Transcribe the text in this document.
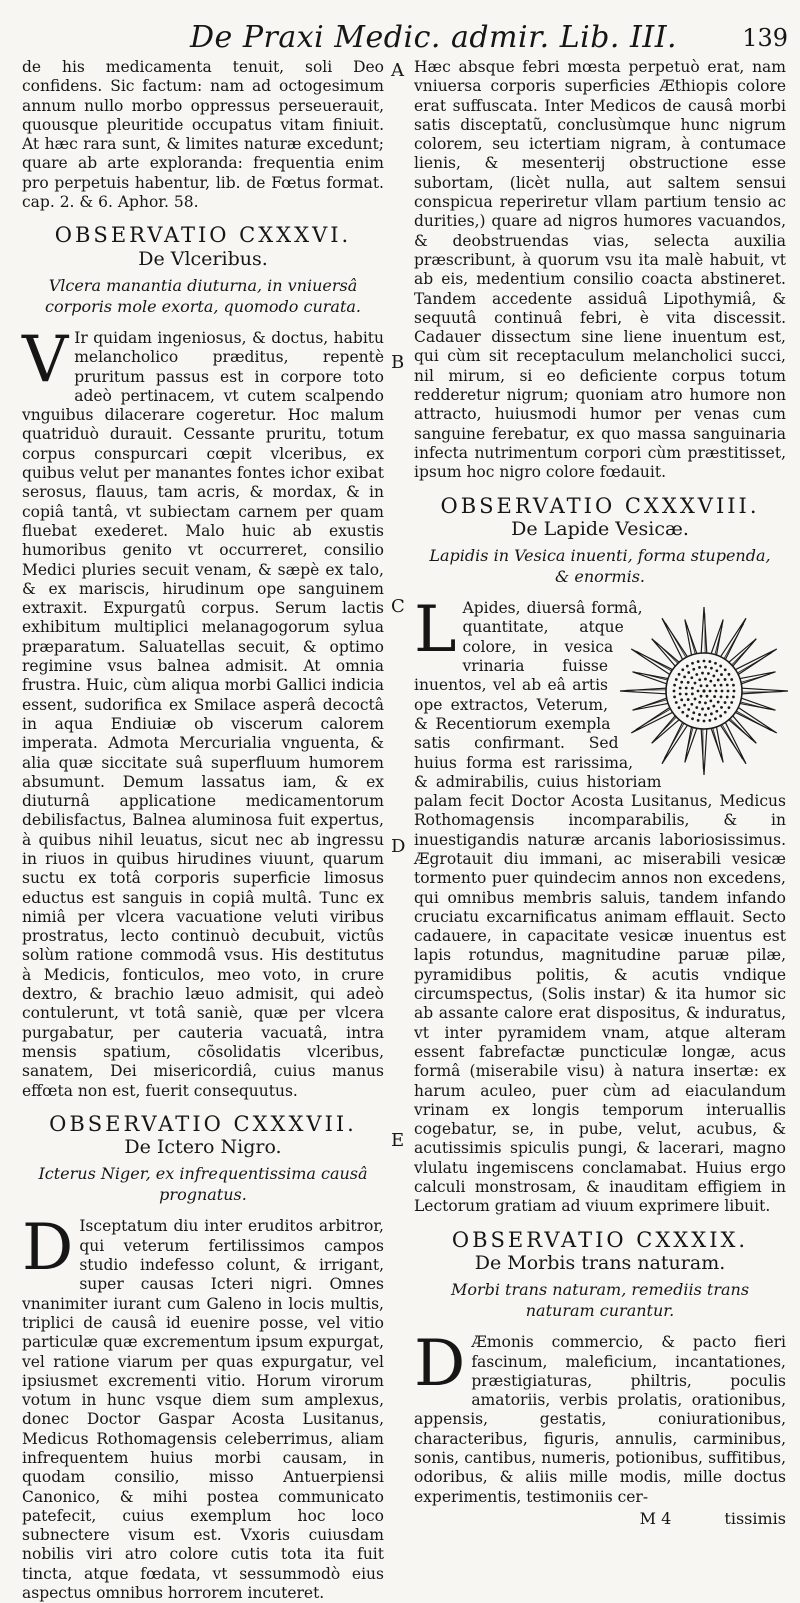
De Praxi Medic. admir. Lib. III.	139
A
B
C
D
E

de his medicamenta tenuit, soli Deo confidens. Sic factum: nam ad octogesimum annum nullo morbo oppressus perseuerauit, quousque pleuritide occupatus vitam finiuit. At hæc rara sunt, & limites naturæ excedunt; quare ab arte exploranda: frequentia enim pro perpetuis habentur, lib. de Fœtus format. cap. 2. & 6. Aphor. 58.

OBSERVATIO CXXXVI.
De Vlceribus.
Vlcera manantia diuturna, in vniuersâ corporis mole exorta, quomodo curata.

V Ir quidam ingeniosus, & doctus, habitu melancholico præditus, repentè pruritum passus est in corpore toto adeò pertinacem, vt cutem scalpendo vnguibus dilacerare cogeretur. Hoc malum quatriduò durauit. Cessante pruritu, totum corpus conspurcari cœpit vlceribus, ex quibus velut per manantes fontes ichor exibat serosus, flauus, tam acris, & mordax, & in copiâ tantâ, vt subiectam carnem per quam fluebat exederet. Malo huic ab exustis humoribus genito vt occurreret, consilio Medici pluries secuit venam, & sæpè ex talo, & ex mariscis, hirudinum ope sanguinem extraxit. Expurgatû corpus. Serum lactis exhibitum multiplici melanagogorum sylua præparatum. Saluatellas secuit, & optimo regimine vsus balnea admisit. At omnia frustra. Huic, cùm aliqua morbi Gallici indicia essent, sudorifica ex Smilace asperâ decoctâ in aqua Endiuiæ ob viscerum calorem imperata. Admota Mercurialia vnguenta, & alia quæ siccitate suâ superfluum humorem absumunt. Demum lassatus iam, & ex diuturnâ applicatione medicamentorum debilisfactus, Balnea aluminosa fuit expertus, à quibus nihil leuatus, sicut nec ab ingressu in riuos in quibus hirudines viuunt, quarum suctu ex totâ corporis superficie limosus eductus est sanguis in copiâ multâ. Tunc ex nimiâ per vlcera vacuatione veluti viribus prostratus, lecto continuò decubuit, victûs solùm ratione commodâ vsus. His destitutus à Medicis, fonticulos, meo voto, in crure dextro, & brachio læuo admisit, qui adeò contulerunt, vt totâ saniè, quæ per vlcera purgabatur, per cauteria vacuatâ, intra mensis spatium, cõsolidatis vlceribus, sanatem, Dei misericordiâ, cuius manus effœta non est, fuerit consequutus.

OBSERVATIO CXXXVII.
De Ictero Nigro.
Icterus Niger, ex infrequentissima causâ prognatus.

D Isceptatum diu inter eruditos arbitror, qui veterum fertilissimos campos studio indefesso colunt, & irrigant, super causas Icteri nigri. Omnes vnanimiter iurant cum Galeno in locis multis, triplici de causâ id euenire posse, vel vitio particulæ quæ excrementum ipsum expurgat, vel ratione viarum per quas expurgatur, vel ipsiusmet excrementi vitio. Horum virorum votum in hunc vsque diem sum amplexus, donec Doctor Gaspar Acosta Lusitanus, Medicus Rothomagensis celeberrimus, aliam infrequentem huius morbi causam, in quodam consilio, misso Antuerpiensi Canonico, & mihi postea communicato patefecit, cuius exemplum hoc loco subnectere visum est. Vxoris cuiusdam nobilis viri atro colore cutis tota ita fuit tincta, atque fœdata, vt sessummodò eius aspectus omnibus horrorem incuteret.

Hæc absque febri mœsta perpetuò erat, nam vniuersa corporis superficies Æthiopis colore erat suffuscata. Inter Medicos de causâ morbi satis disceptatũ, conclusùmque hunc nigrum colorem, seu ictertiam nigram, à contumace lienis, & mesenterij obstructione esse subortam, (licèt nulla, aut saltem sensui conspicua reperiretur vllam partium tensio ac durities,) quare ad nigros humores vacuandos, & deobstruendas vias, selecta auxilia præscribunt, à quorum vsu ita malè habuit, vt ab eis, medentium consilio coacta abstineret. Tandem accedente assiduâ Lipothymiâ, & sequutâ continuâ febri, è vita discessit. Cadauer dissectum sine liene inuentum est, qui cùm sit receptaculum melancholici succi, nil mirum, si eo deficiente corpus totum redderetur nigrum; quoniam atro humore non attracto, huiusmodi humor per venas cum sanguine ferebatur, ex quo massa sanguinaria infecta nutrimentum corpori cùm præstitisset, ipsum hoc nigro colore fœdauit.

OBSERVATIO CXXXVIII.
De Lapide Vesicæ.
Lapidis in Vesica inuenti, forma stupenda, & enormis.

L Apides, diuersâ formâ, quantitate, atque colore, in vesica vrinaria fuisse inuentos, vel ab eâ artis ope extractos, Veterum, & Recentiorum exempla satis confirmant. Sed huius forma est rarissima, & admirabilis, cuius historiam palam fecit Doctor Acosta Lusitanus, Medicus Rothomagensis incomparabilis, & in inuestigandis naturæ arcanis laboriosissimus. Ægrotauit diu immani, ac miserabili vesicæ tormento puer quindecim annos non excedens, qui omnibus membris saluis, tandem infando cruciatu excarnificatus animam efflauit. Secto cadauere, in capacitate vesicæ inuentus est lapis rotundus, magnitudine paruæ pilæ, pyramidibus politis, & acutis vndique circumspectus, (Solis instar) & ita humor sic ab assante calore erat dispositus, & induratus, vt inter pyramidem vnam, atque alteram essent fabrefactæ puncticulæ longæ, acus formâ (miserabile visu) à natura insertæ: ex harum aculeo, puer cùm ad eiaculandum vrinam ex longis temporum interuallis cogebatur, se, in pube, velut, acubus, & acutissimis spiculis pungi, & lacerari, magno vlulatu ingemiscens conclamabat. Huius ergo calculi monstrosam, & inauditam effigiem in Lectorum gratiam ad viuum exprimere libuit.

OBSERVATIO CXXXIX.
De Morbis trans naturam.
Morbi trans naturam, remediis trans naturam curantur.

D Æmonis commercio, & pacto fieri fascinum, maleficium, incantationes, præstigiaturas, philtris, poculis amatoriis, verbis prolatis, orationibus, appensis, gestatis, coniurationibus, characteribus, figuris, annulis, carminibus, sonis, cantibus, numeris, potionibus, suffitibus, odoribus, & aliis mille modis, mille doctus experimentis, testimoniis cer-

M 4	tissimis
